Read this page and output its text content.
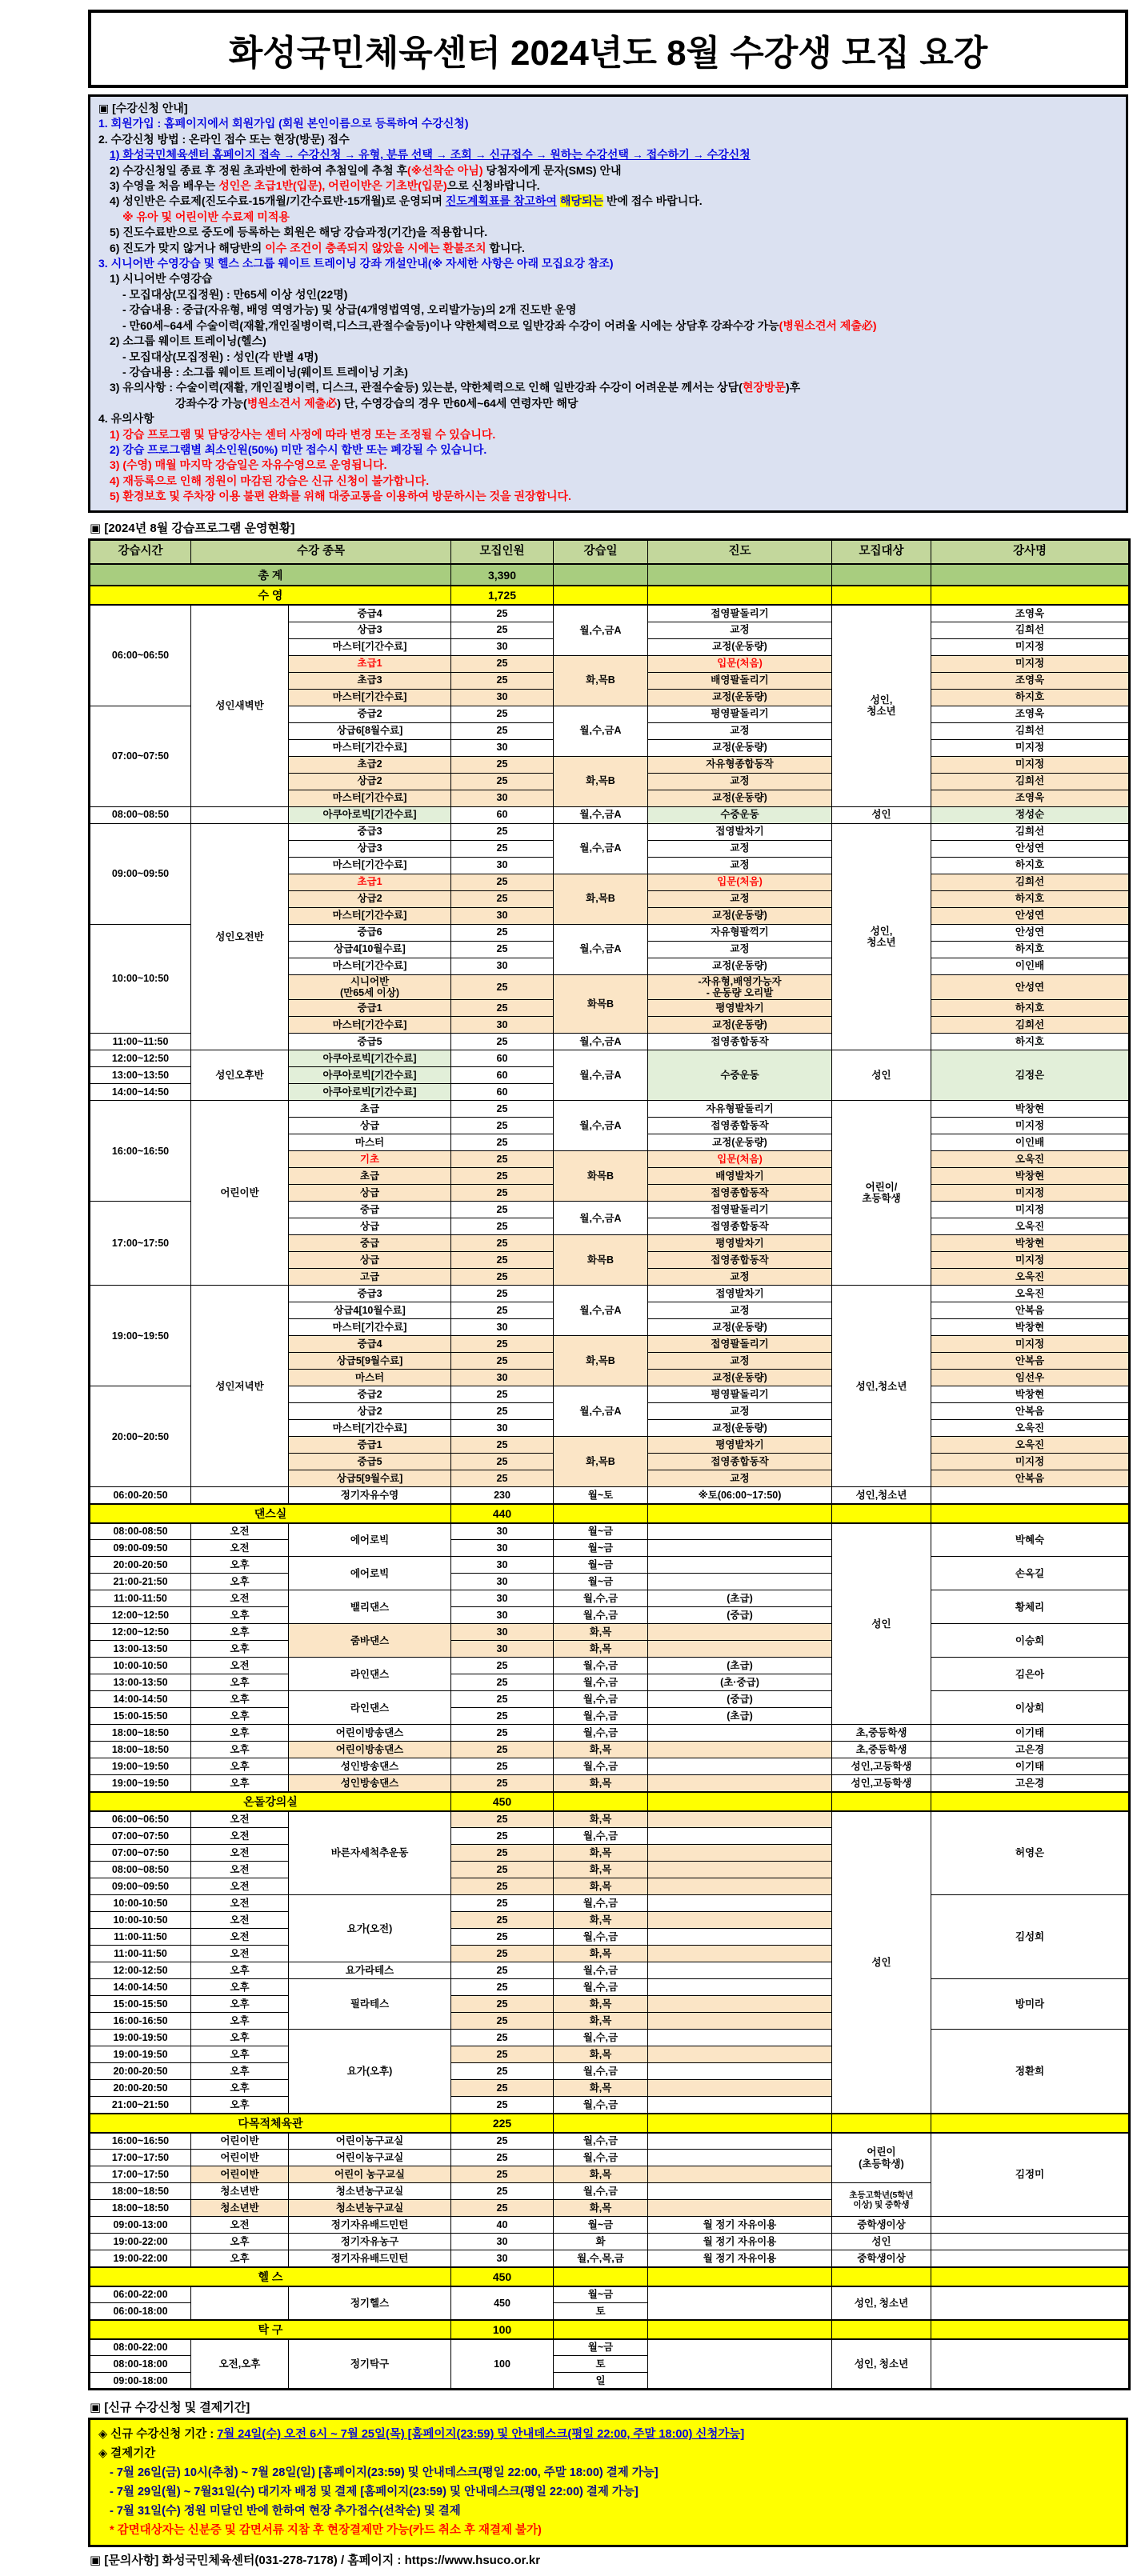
화성국민체육센터 2024년도 8월 수강생 모집 요강
▣ [수강신청 안내]
1. 회원가입 : 홈페이지에서 회원가입 (회원 본인이름으로 등록하여 수강신청)
2. 수강신청 방법 : 온라인 접수 또는 현장(방문) 접수
1) 화성국민체육센터 홈페이지 접속 → 수강신청 → 유형, 분류 선택 → 조회 → 신규접수 → 원하는 수강선택 → 접수하기 → 수강신청
2) 수강신청일 종료 후 정원 초과반에 한하여 추첨일에 추첨 후(※선착순 아님) 당첨자에게 문자(SMS) 안내
3) 수영을 처음 배우는 성인은 초급1반(입문), 어린이반은 기초반(입문)으로 신청바랍니다.
4) 성인반은 수료제(진도수료-15개월/기간수료반-15개월)로 운영되며 진도계획표를 참고하여 해당되는 반에 접수 바랍니다.
※ 유아 및 어린이반 수료제 미적용
5) 진도수료반으로 중도에 등록하는 회원은 해당 강습과정(기간)을 적용합니다.
6) 진도가 맞지 않거나 해당반의 이수 조건이 충족되지 않았을 시에는 환불조치 합니다.
3. 시니어반 수영강습 및 헬스 소그룹 웨이트 트레이닝 강좌 개설안내(※ 자세한 사항은 아래 모집요강 참조)
1) 시니어반 수영강습
- 모집대상(모집정원) : 만65세 이상 성인(22명)
- 강습내용 : 중급(자유형, 배영 역영가능) 및 상급(4개영법역영, 오리발가능)의 2개 진도반 운영
- 만60세~64세 수술이력(재활,개인질병이력,디스크,관절수술등)이나 약한체력으로 일반강좌 수강이 어려울 시에는 상담후 강좌수강 가능(병원소견서 제출必)
2) 소그룹 웨이트 트레이닝(헬스)
- 모집대상(모집정원) : 성인(각 반별 4명)
- 강습내용 : 소그룹 웨이트 트레이닝(웨이트 트레이닝 기초)
3) 유의사항 : 수술이력(재활, 개인질병이력, 디스크, 관절수술등) 있는분, 약한체력으로 인해 일반강좌 수강이 어려운분 께서는 상담(현장방문)후
강좌수강 가능(병원소견서 제출必) 단, 수영강습의 경우 만60세~64세 연령자만 해당
4. 유의사항
1) 강습 프로그램 및 담당강사는 센터 사정에 따라 변경 또는 조정될 수 있습니다.
2) 강습 프로그램별 최소인원(50%) 미만 접수시 합반 또는 폐강될 수 있습니다.
3) (수영) 매월 마지막 강습일은 자유수영으로 운영됩니다.
4) 재등록으로 인해 정원이 마감된 강습은 신규 신청이 불가합니다.
5) 환경보호 및 주차장 이용 불편 완화를 위해 대중교통을 이용하여 방문하시는 것을 권장합니다.
▣ [2024년 8월 강습프로그램 운영현황]
강습시간	수강 종목		모집인원	강습일	진도	모집대상	강사명
총 계			3,390				
수 영			1,725				
06:00~06:50	성인새벽반	중급4	25	월,수,금A	접영팔돌리기	성인,
청소년	조영욱
		상급3	25		교정		김희선
		마스터[기간수료]	30		교정(운동량)		미지정
		초급1	25	화,목B	입문(처음)		미지정
		초급3	25		배영팔돌리기		조영욱
		마스터[기간수료]	30		교정(운동량)		하지호
07:00~07:50		중급2	25	월,수,금A	평영팔돌리기		조영욱
		상급6[8월수료]	25		교정		김희선
		마스터[기간수료]	30		교정(운동량)		미지정
		초급2	25	화,목B	자유형종합동작		미지정
		상급2	25		교정		김희선
		마스터[기간수료]	30		교정(운동량)		조영욱
08:00~08:50		아쿠아로빅[기간수료]	60	월,수,금A	수중운동	성인	정성순
09:00~09:50	성인오전반	중급3	25	월,수,금A	접영발차기	성인,
청소년	김희선
		상급3	25		교정		안성연
		마스터[기간수료]	30		교정		하지호
		초급1	25	화,목B	입문(처음)		김희선
		상급2	25		교정		하지호
		마스터[기간수료]	30		교정(운동량)		안성연
10:00~10:50		중급6	25	월,수,금A	자유형팔꺽기		안성연
		상급4[10월수료]	25		교정		하지호
		마스터[기간수료]	30		교정(운동량)		이인배
		시니어반
(만65세 이상)	25	화목B	-자유형,배영가능자
- 운동량 오리발		안성연
		중급1	25		평영발차기		하지호
		마스터[기간수료]	30		교정(운동량)		김희선
11:00~11:50		중급5	25	월,수,금A	접영종합동작		하지호
12:00~12:50	성인오후반	아쿠아로빅[기간수료]	60	월,수,금A	수중운동	성인	김정은
13:00~13:50		아쿠아로빅[기간수료]	60				
14:00~14:50		아쿠아로빅[기간수료]	60				
16:00~16:50	어린이반	초급	25	월,수,금A	자유형팔돌리기	어린이/
초등학생	박창현
		상급	25		접영종합동작		미지정
		마스터	25		교정(운동량)		이인배
		기초	25	화목B	입문(처음)		오욱진
		초급	25		배영발차기		박창현
		상급	25		접영종합동작		미지정
17:00~17:50		중급	25	월,수,금A	접영팔돌리기		미지정
		상급	25		접영종합동작		오욱진
		중급	25	화목B	평영발차기		박창현
		상급	25		접영종합동작		미지정
		고급	25		교정		오욱진
19:00~19:50	성인저녁반	중급3	25	월,수,금A	접영발차기	성인,청소년	오욱진
		상급4[10월수료]	25		교정		안복음
		마스터[기간수료]	30		교정(운동량)		박창현
		중급4	25	화,목B	접영팔돌리기		미지정
		상급5[9월수료]	25		교정		안복음
		마스터	30		교정(운동량)		임선우
20:00~20:50		중급2	25	월,수,금A	평영팔돌리기		박창현
		상급2	25		교정		안복음
		마스터[기간수료]	30		교정(운동량)		오욱진
		중급1	25	화,목B	평영발차기		오욱진
		중급5	25		접영종합동작		미지정
		상급5[9월수료]	25		교정		안복음
06:00-20:50		정기자유수영	230	월~토	※토(06:00~17:50)	성인,청소년	
댄스실			440				
08:00-08:50	오전	에어로빅	30	월~금		성인	박혜숙
09:00-09:50	오전		30	월~금			
20:00-20:50	오후	에어로빅	30	월~금			손옥길
21:00-21:50	오후		30	월~금			
11:00-11:50	오전	밸리댄스	30	월,수,금	(초급)		황체리
12:00~12:50	오후		30	월,수,금	(중급)		
12:00~12:50	오후	줌바댄스	30	화,목			이승희
13:00-13:50	오후		30	화,목			
10:00-10:50	오전	라인댄스	25	월,수,금	(초급)		김은아
13:00-13:50	오후		25	월,수,금	(초·중급)		
14:00-14:50	오후	라인댄스	25	월,수,금	(중급)		이상희
15:00-15:50	오후		25	월,수,금	(초급)		
18:00~18:50	오후	어린이방송댄스	25	월,수,금		초,중등학생	이기태
18:00~18:50	오후	어린이방송댄스	25	화,목		초,중등학생	고은경
19:00~19:50	오후	성인방송댄스	25	월,수,금		성인,고등학생	이기태
19:00~19:50	오후	성인방송댄스	25	화,목		성인,고등학생	고은경
온돌강의실			450				
06:00~06:50	오전	바른자세척추운동	25	화,목		성인	허영은
07:00~07:50	오전		25	월,수,금			
07:00~07:50	오전		25	화,목			
08:00~08:50	오전		25	화,목			
09:00~09:50	오전		25	화,목			
10:00-10:50	오전	요가(오전)	25	월,수,금			김성희
10:00-10:50	오전		25	화,목			
11:00-11:50	오전		25	월,수,금			
11:00-11:50	오전		25	화,목			
12:00-12:50	오후	요가라테스	25	월,수,금			
14:00-14:50	오후	필라테스	25	월,수,금			방미라
15:00-15:50	오후		25	화,목			
16:00-16:50	오후		25	화,목			
19:00-19:50	오후	요가(오후)	25	월,수,금			정환희
19:00-19:50	오후		25	화,목			
20:00-20:50	오후		25	월,수,금			
20:00-20:50	오후		25	화,목			
21:00~21:50	오후		25	월,수,금			
다목적체육관			225				
16:00~16:50	어린이반	어린이농구교실	25	월,수,금		어린이
(초등학생)	김정미
17:00~17:50	어린이반	어린이농구교실	25	월,수,금			
17:00~17:50	어린이반	어린이 농구교실	25	화,목			
18:00~18:50	청소년반	청소년농구교실	25	월,수,금		초등고학년(5학년
이상) 및 중학생	
18:00~18:50	청소년반	청소년농구교실	25	화,목			
09:00-13:00	오전	정기자유배드민턴	40	월~금	월 정기 자유이용	중학생이상	
19:00-22:00	오후	정기자유농구	30	화	월 정기 자유이용	성인	
19:00-22:00	오후	정기자유배드민턴	30	월,수,목,금	월 정기 자유이용	중학생이상	
헬 스			450				
06:00-22:00		정기헬스	450	월~금		성인, 청소년	
06:00-18:00				토			
탁 구			100				
08:00-22:00	오전,오후	정기탁구	100	월~금		성인, 청소년	
08:00-18:00				토			
09:00-18:00				일			
▣ [신규 수강신청 및 결제기간]
◈ 신규 수강신청 기간 : 7월 24일(수) 오전 6시 ~ 7월 25일(목) [홈페이지(23:59) 및 안내데스크(평일 22:00, 주말 18:00) 신청가능]
◈ 결제기간
- 7월 26일(금) 10시(추첨) ~ 7월 28일(일) [홈페이지(23:59) 및 안내데스크(평일 22:00, 주말 18:00) 결제 가능]
- 7월 29일(월) ~ 7월31일(수) 대기자 배정 및 결제 [홈페이지(23:59) 및 안내데스크(평일 22:00) 결제 가능]
- 7월 31일(수) 정원 미달인 반에 한하여 현장 추가접수(선착순) 및 결제
* 감면대상자는 신분증 및 감면서류 지참 후 현장결제만 가능(카드 취소 후 재결제 불가)
▣ [문의사항] 화성국민체육센터(031-278-7178) / 홈페이지 : https://www.hsuco.or.kr
